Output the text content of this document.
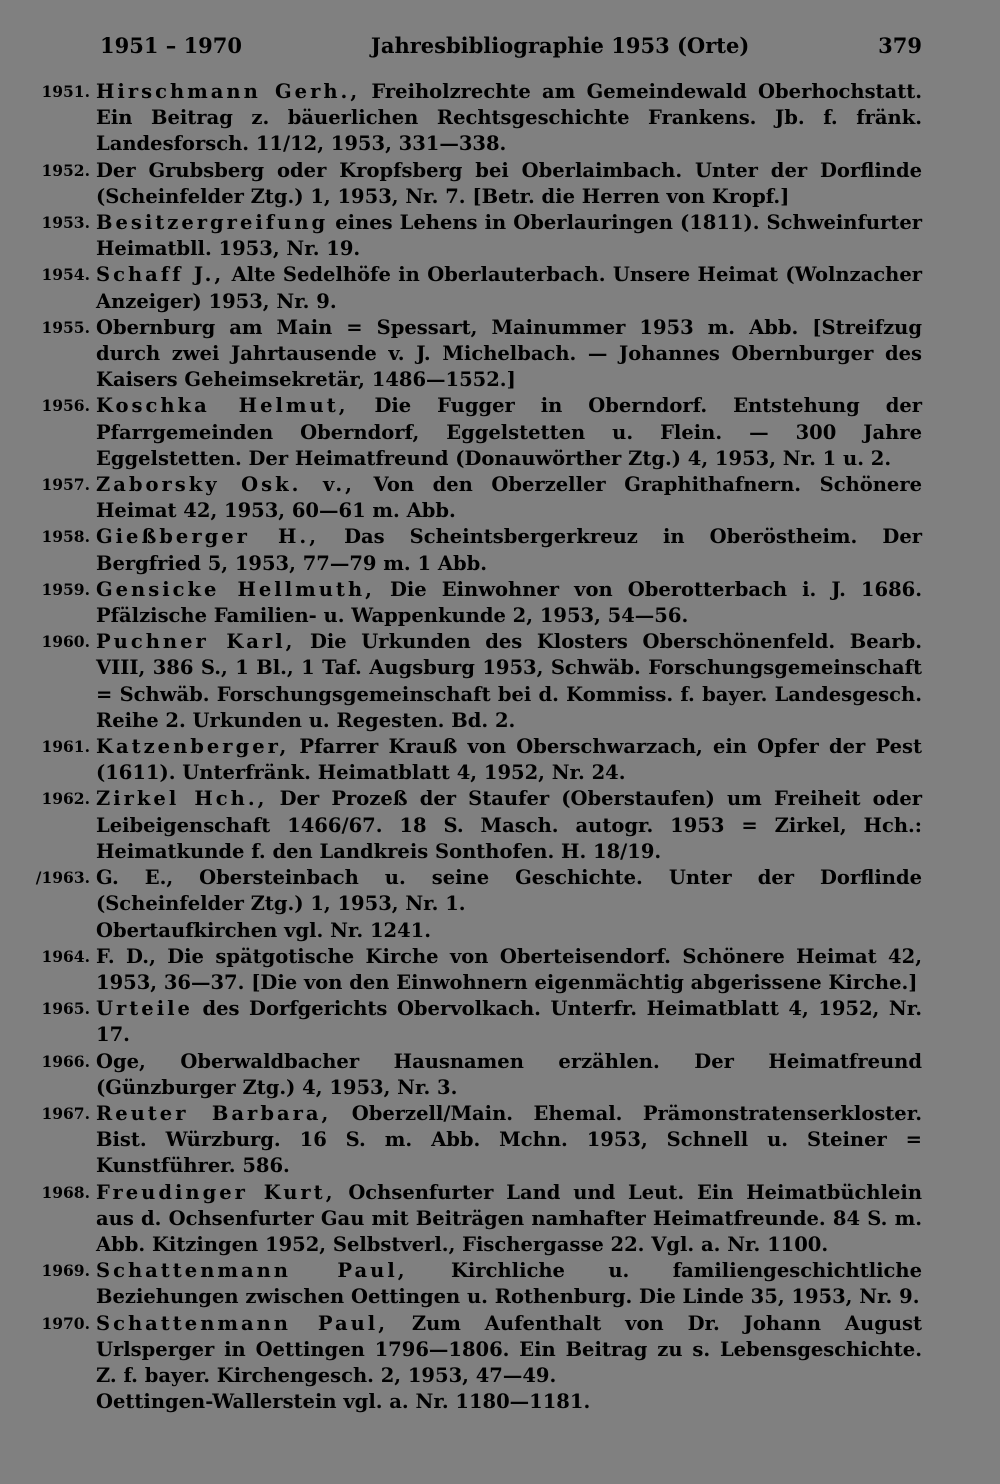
1951 – 1970	Jahresbibliographie 1953 (Orte)	379
1951. Hirschmann Gerh., Freiholzrechte am Gemeindewald Oberhochstatt. Ein Beitrag z. bäuerlichen Rechtsgeschichte Frankens. Jb. f. fränk. Landesforsch. 11/12, 1953, 331—338.
1952. Der Grubsberg oder Kropfsberg bei Oberlaimbach. Unter der Dorflinde (Scheinfelder Ztg.) 1, 1953, Nr. 7. [Betr. die Herren von Kropf.]
1953. Besitzergreifung eines Lehens in Oberlauringen (1811). Schweinfurter Heimatbll. 1953, Nr. 19.
1954. Schaff J., Alte Sedelhöfe in Oberlauterbach. Unsere Heimat (Wolnzacher Anzeiger) 1953, Nr. 9.
1955. Obernburg am Main = Spessart, Mainummer 1953 m. Abb. [Streifzug durch zwei Jahrtausende v. J. Michelbach. — Johannes Obernburger des Kaisers Geheimsekretär, 1486—1552.]
1956. Koschka Helmut, Die Fugger in Oberndorf. Entstehung der Pfarrgemeinden Oberndorf, Eggelstetten u. Flein. — 300 Jahre Eggelstetten. Der Heimatfreund (Donauwörther Ztg.) 4, 1953, Nr. 1 u. 2.
1957. Zaborsky Osk. v., Von den Oberzeller Graphithafnern. Schönere Heimat 42, 1953, 60—61 m. Abb.
1958. Gießberger H., Das Scheintsbergerkreuz in Oberöstheim. Der Bergfried 5, 1953, 77—79 m. 1 Abb.
1959. Gensicke Hellmuth, Die Einwohner von Oberotterbach i. J. 1686. Pfälzische Familien- u. Wappenkunde 2, 1953, 54—56.
1960. Puchner Karl, Die Urkunden des Klosters Oberschönenfeld. Bearb. VIII, 386 S., 1 Bl., 1 Taf. Augsburg 1953, Schwäb. Forschungsgemeinschaft = Schwäb. Forschungsgemeinschaft bei d. Kommiss. f. bayer. Landesgesch. Reihe 2. Urkunden u. Regesten. Bd. 2.
1961. Katzenberger, Pfarrer Krauß von Oberschwarzach, ein Opfer der Pest (1611). Unterfränk. Heimatblatt 4, 1952, Nr. 24.
1962. Zirkel Hch., Der Prozeß der Staufer (Oberstaufen) um Freiheit oder Leibeigenschaft 1466/67. 18 S. Masch. autogr. 1953 = Zirkel, Hch.: Heimatkunde f. den Landkreis Sonthofen. H. 18/19.
/1963. G. E., Obersteinbach u. seine Geschichte. Unter der Dorflinde (Scheinfelder Ztg.) 1, 1953, Nr. 1.
Obertaufkirchen vgl. Nr. 1241.
1964. F. D., Die spätgotische Kirche von Oberteisendorf. Schönere Heimat 42, 1953, 36—37. [Die von den Einwohnern eigenmächtig abgerissene Kirche.]
1965. Urteile des Dorfgerichts Obervolkach. Unterfr. Heimatblatt 4, 1952, Nr. 17.
1966. Oge, Oberwaldbacher Hausnamen erzählen. Der Heimatfreund (Günzburger Ztg.) 4, 1953, Nr. 3.
1967. Reuter Barbara, Oberzell/Main. Ehemal. Prämonstratenserkloster. Bist. Würzburg. 16 S. m. Abb. Mchn. 1953, Schnell u. Steiner = Kunstführer. 586.
1968. Freudinger Kurt, Ochsenfurter Land und Leut. Ein Heimatbüchlein aus d. Ochsenfurter Gau mit Beiträgen namhafter Heimatfreunde. 84 S. m. Abb. Kitzingen 1952, Selbstverl., Fischergasse 22. Vgl. a. Nr. 1100.
1969. Schattenmann Paul, Kirchliche u. familiengeschichtliche Beziehungen zwischen Oettingen u. Rothenburg. Die Linde 35, 1953, Nr. 9.
1970. Schattenmann Paul, Zum Aufenthalt von Dr. Johann August Urlsperger in Oettingen 1796—1806. Ein Beitrag zu s. Lebensgeschichte. Z. f. bayer. Kirchengesch. 2, 1953, 47—49.
Oettingen-Wallerstein vgl. a. Nr. 1180—1181.
